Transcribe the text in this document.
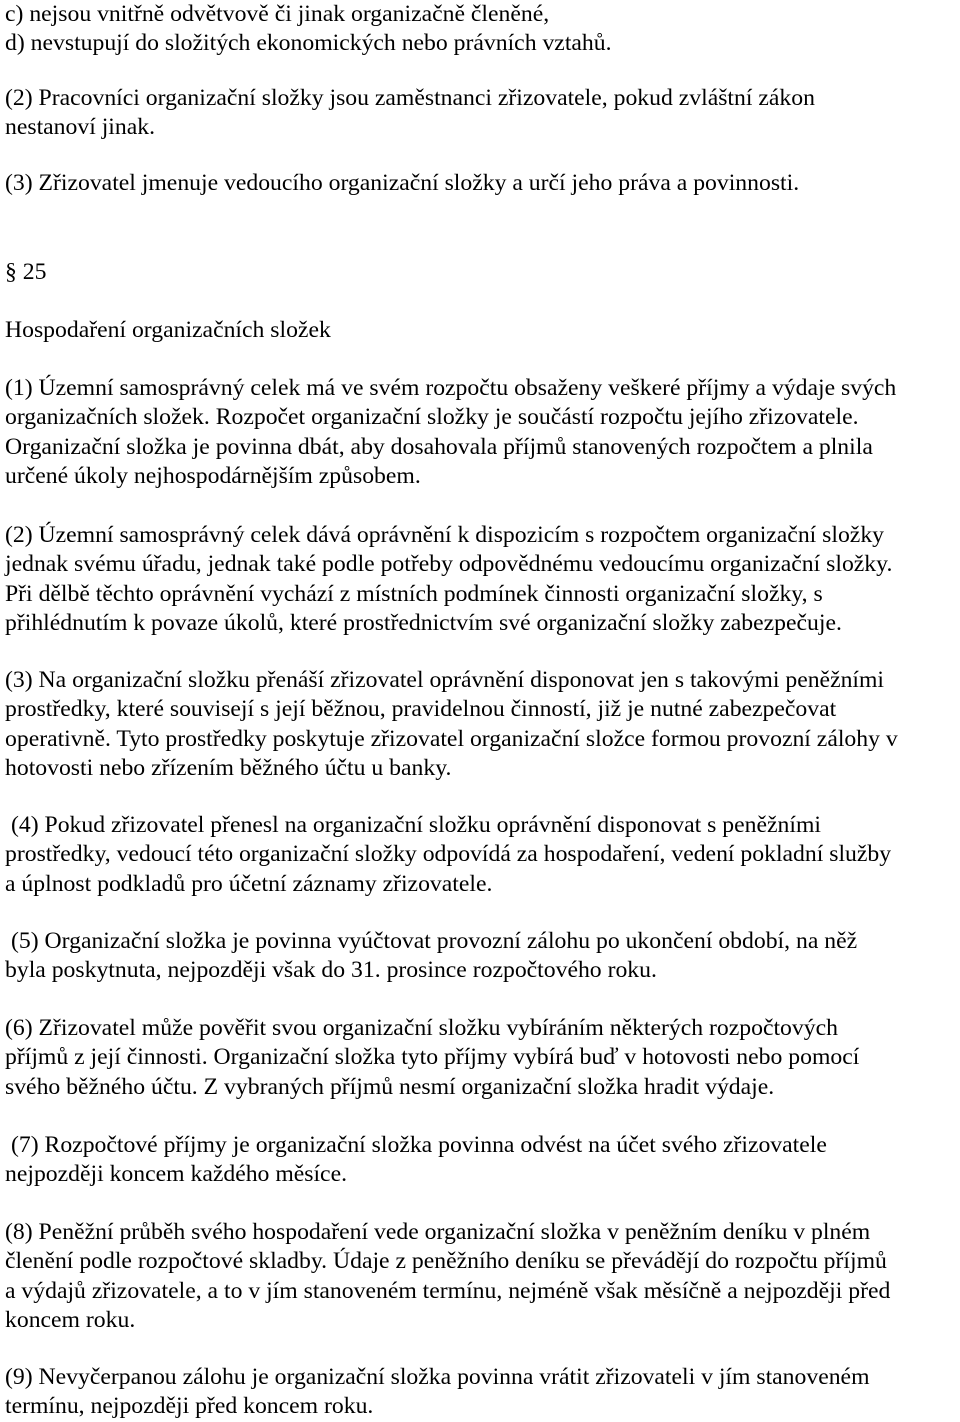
c) nejsou vnitřně odvětvově či jinak organizačně členěné,
d) nevstupují do složitých ekonomických nebo právních vztahů.
(2) Pracovníci organizační složky jsou zaměstnanci zřizovatele, pokud zvláštní zákon
nestanoví jinak.
(3) Zřizovatel jmenuje vedoucího organizační složky a určí jeho práva a povinnosti.
§ 25
Hospodaření organizačních složek
(1) Územní samosprávný celek má ve svém rozpočtu obsaženy veškeré příjmy a výdaje svých
organizačních složek. Rozpočet organizační složky je součástí rozpočtu jejího zřizovatele.
Organizační složka je povinna dbát, aby dosahovala příjmů stanovených rozpočtem a plnila
určené úkoly nejhospodárnějším způsobem.
(2) Územní samosprávný celek dává oprávnění k dispozicím s rozpočtem organizační složky
jednak svému úřadu, jednak také podle potřeby odpovědnému vedoucímu organizační složky.
Při dělbě těchto oprávnění vychází z místních podmínek činnosti organizační složky, s
přihlédnutím k povaze úkolů, které prostřednictvím své organizační složky zabezpečuje.
(3) Na organizační složku přenáší zřizovatel oprávnění disponovat jen s takovými peněžními
prostředky, které souvisejí s její běžnou, pravidelnou činností, již je nutné zabezpečovat
operativně. Tyto prostředky poskytuje zřizovatel organizační složce formou provozní zálohy v
hotovosti nebo zřízením běžného účtu u banky.
(4) Pokud zřizovatel přenesl na organizační složku oprávnění disponovat s peněžními
prostředky, vedoucí této organizační složky odpovídá za hospodaření, vedení pokladní služby
a úplnost podkladů pro účetní záznamy zřizovatele.
(5) Organizační složka je povinna vyúčtovat provozní zálohu po ukončení období, na něž
byla poskytnuta, nejpozději však do 31. prosince rozpočtového roku.
(6) Zřizovatel může pověřit svou organizační složku vybíráním některých rozpočtových
příjmů z její činnosti. Organizační složka tyto příjmy vybírá buď v hotovosti nebo pomocí
svého běžného účtu. Z vybraných příjmů nesmí organizační složka hradit výdaje.
(7) Rozpočtové příjmy je organizační složka povinna odvést na účet svého zřizovatele
nejpozději koncem každého měsíce.
(8) Peněžní průběh svého hospodaření vede organizační složka v peněžním deníku v plném
členění podle rozpočtové skladby. Údaje z peněžního deníku se převádějí do rozpočtu příjmů
a výdajů zřizovatele, a to v jím stanoveném termínu, nejméně však měsíčně a nejpozději před
koncem roku.
(9) Nevyčerpanou zálohu je organizační složka povinna vrátit zřizovateli v jím stanoveném
termínu, nejpozději před koncem roku.
